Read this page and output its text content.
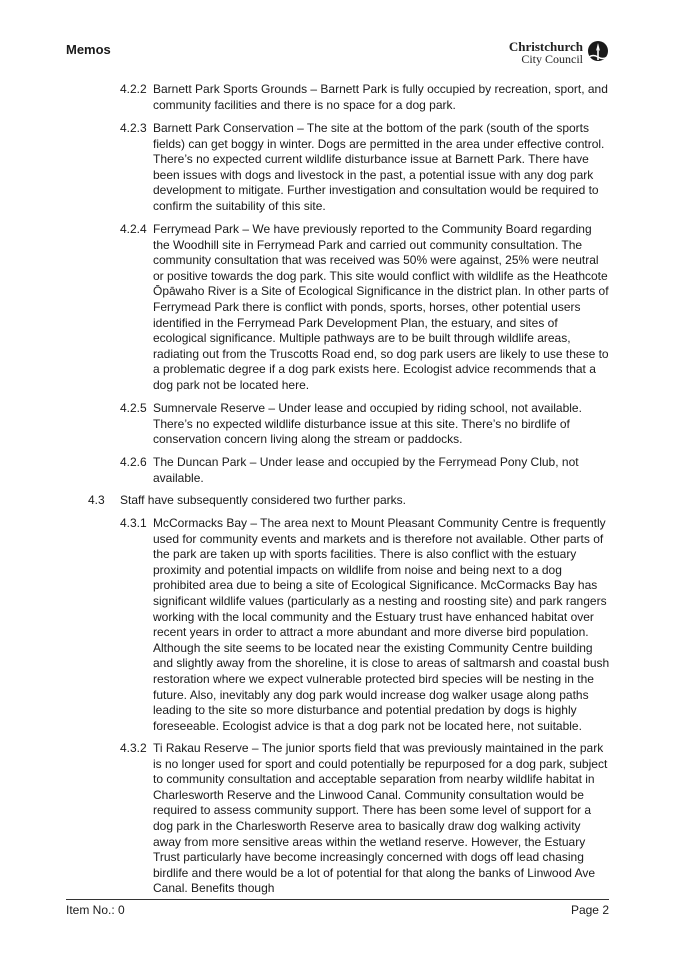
Memos	Christchurch
City Council
4.2.2 Barnett Park Sports Grounds – Barnett Park is fully occupied by recreation, sport, and community facilities and there is no space for a dog park.
4.2.3 Barnett Park Conservation – The site at the bottom of the park (south of the sports fields) can get boggy in winter. Dogs are permitted in the area under effective control. There’s no expected current wildlife disturbance issue at Barnett Park. There have been issues with dogs and livestock in the past, a potential issue with any dog park development to mitigate. Further investigation and consultation would be required to confirm the suitability of this site.
4.2.4 Ferrymead Park – We have previously reported to the Community Board regarding the Woodhill site in Ferrymead Park and carried out community consultation. The community consultation that was received was 50% were against, 25% were neutral or positive towards the dog park. This site would conflict with wildlife as the Heathcote Ōpāwaho River is a Site of Ecological Significance in the district plan. In other parts of Ferrymead Park there is conflict with ponds, sports, horses, other potential users identified in the Ferrymead Park Development Plan, the estuary, and sites of ecological significance. Multiple pathways are to be built through wildlife areas, radiating out from the Truscotts Road end, so dog park users are likely to use these to a problematic degree if a dog park exists here. Ecologist advice recommends that a dog park not be located here.
4.2.5 Sumnervale Reserve – Under lease and occupied by riding school, not available. There’s no expected wildlife disturbance issue at this site. There’s no birdlife of conservation concern living along the stream or paddocks.
4.2.6 The Duncan Park – Under lease and occupied by the Ferrymead Pony Club, not available.
4.3 Staff have subsequently considered two further parks.
4.3.1 McCormacks Bay – The area next to Mount Pleasant Community Centre is frequently used for community events and markets and is therefore not available. Other parts of the park are taken up with sports facilities. There is also conflict with the estuary proximity and potential impacts on wildlife from noise and being next to a dog prohibited area due to being a site of Ecological Significance. McCormacks Bay has significant wildlife values (particularly as a nesting and roosting site) and park rangers working with the local community and the Estuary trust have enhanced habitat over recent years in order to attract a more abundant and more diverse bird population. Although the site seems to be located near the existing Community Centre building and slightly away from the shoreline, it is close to areas of saltmarsh and coastal bush restoration where we expect vulnerable protected bird species will be nesting in the future. Also, inevitably any dog park would increase dog walker usage along paths leading to the site so more disturbance and potential predation by dogs is highly foreseeable. Ecologist advice is that a dog park not be located here, not suitable.
4.3.2 Ti Rakau Reserve – The junior sports field that was previously maintained in the park is no longer used for sport and could potentially be repurposed for a dog park, subject to community consultation and acceptable separation from nearby wildlife habitat in Charlesworth Reserve and the Linwood Canal. Community consultation would be required to assess community support. There has been some level of support for a dog park in the Charlesworth Reserve area to basically draw dog walking activity away from more sensitive areas within the wetland reserve. However, the Estuary Trust particularly have become increasingly concerned with dogs off lead chasing birdlife and there would be a lot of potential for that along the banks of Linwood Ave Canal. Benefits though
Item No.: 0	Page 2
